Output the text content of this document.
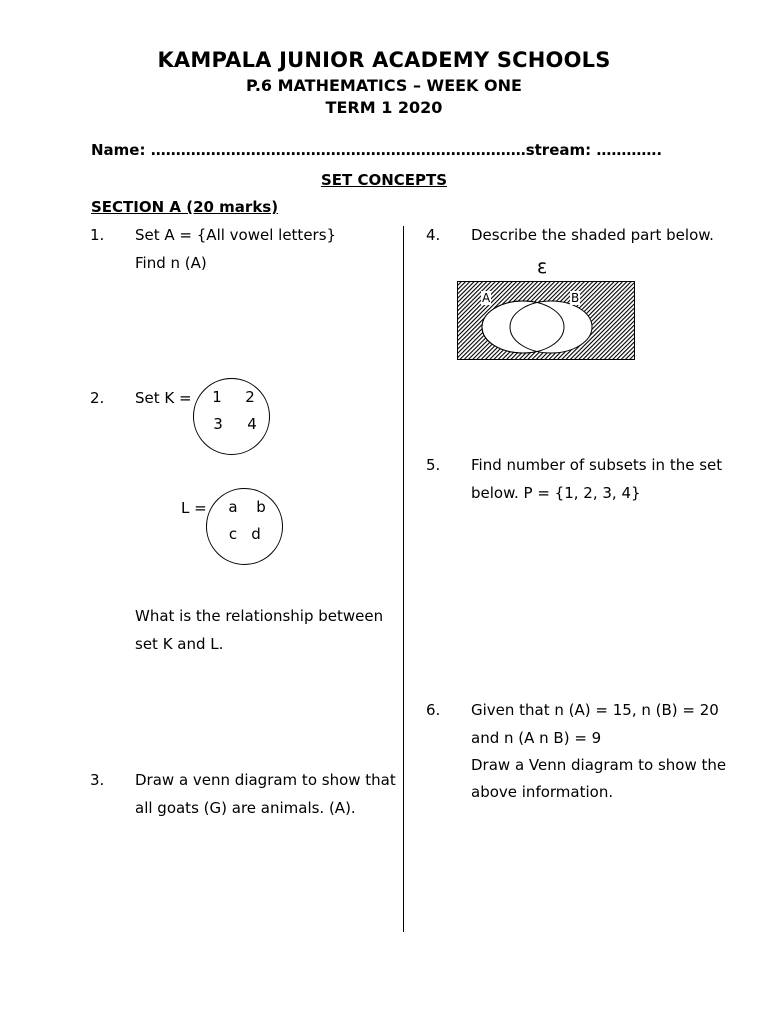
KAMPALA JUNIOR ACADEMY SCHOOLS
P.6 MATHEMATICS – WEEK ONE
TERM 1 2020
Name: …………………………………………………………………stream: ………….
SET CONCEPTS
SECTION A (20 marks)
1. Set A = {All vowel letters}
Find n (A)
2. Set K =	1	2
3	4
L =	a	b
c d
What is the relationship between
set K and L.
3. Draw a venn diagram to show that
all goats (G) are animals. (A).
4. Describe the shaded part below.
ε
A	B
5. Find number of subsets in the set
below. P = {1, 2, 3, 4}
6. Given that n (A) = 15, n (B) = 20
and n (A n B) = 9
Draw a Venn diagram to show the
above information.
